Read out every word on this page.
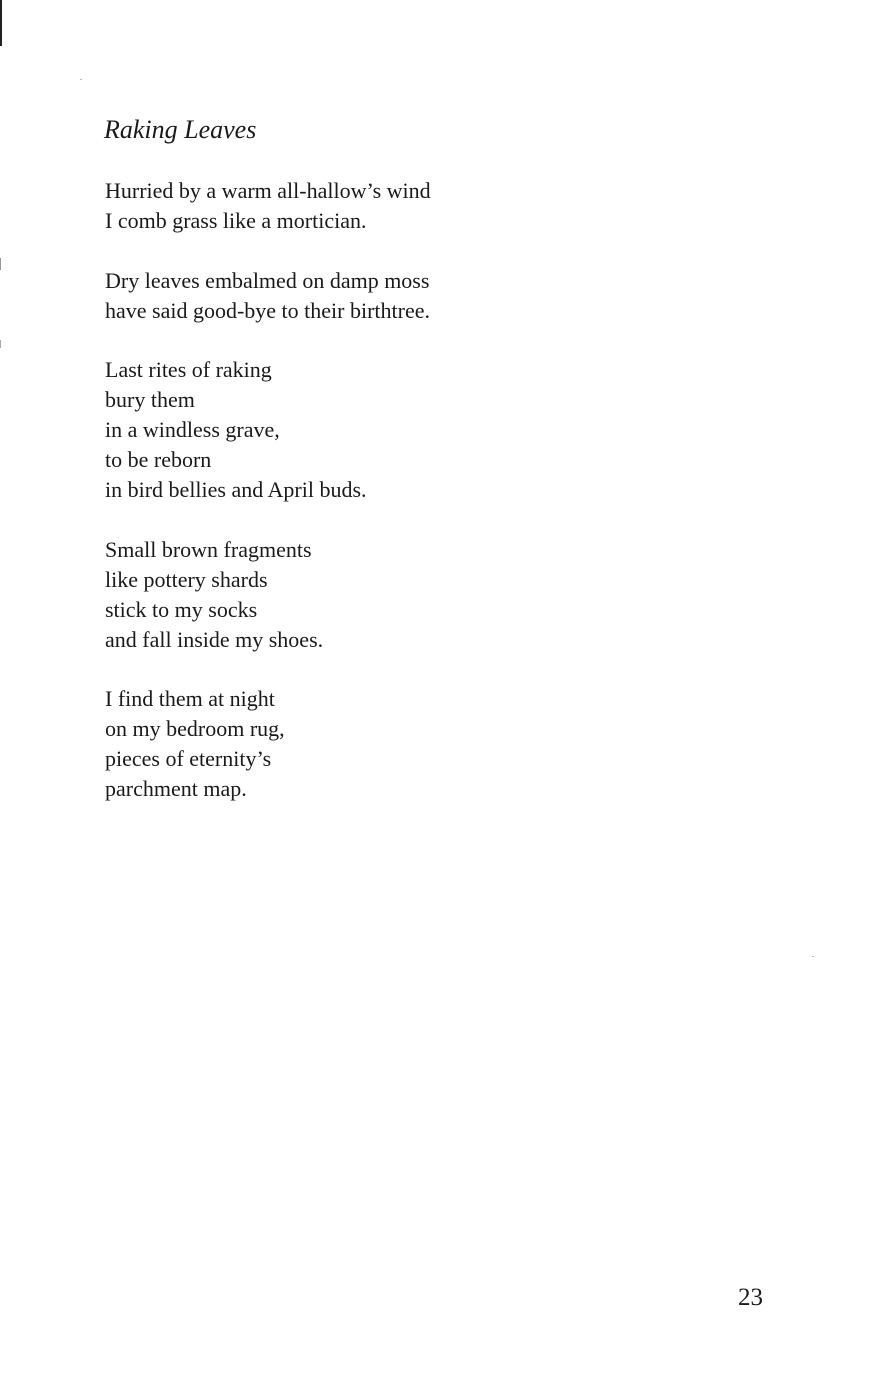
Raking Leaves

Hurried by a warm all-hallow’s wind
I comb grass like a mortician.

Dry leaves embalmed on damp moss
have said good-bye to their birthtree.

Last rites of raking
bury them
in a windless grave,
to be reborn
in bird bellies and April buds.

Small brown fragments
like pottery shards
stick to my socks
and fall inside my shoes.

I find them at night
on my bedroom rug,
pieces of eternity’s
parchment map.

23
